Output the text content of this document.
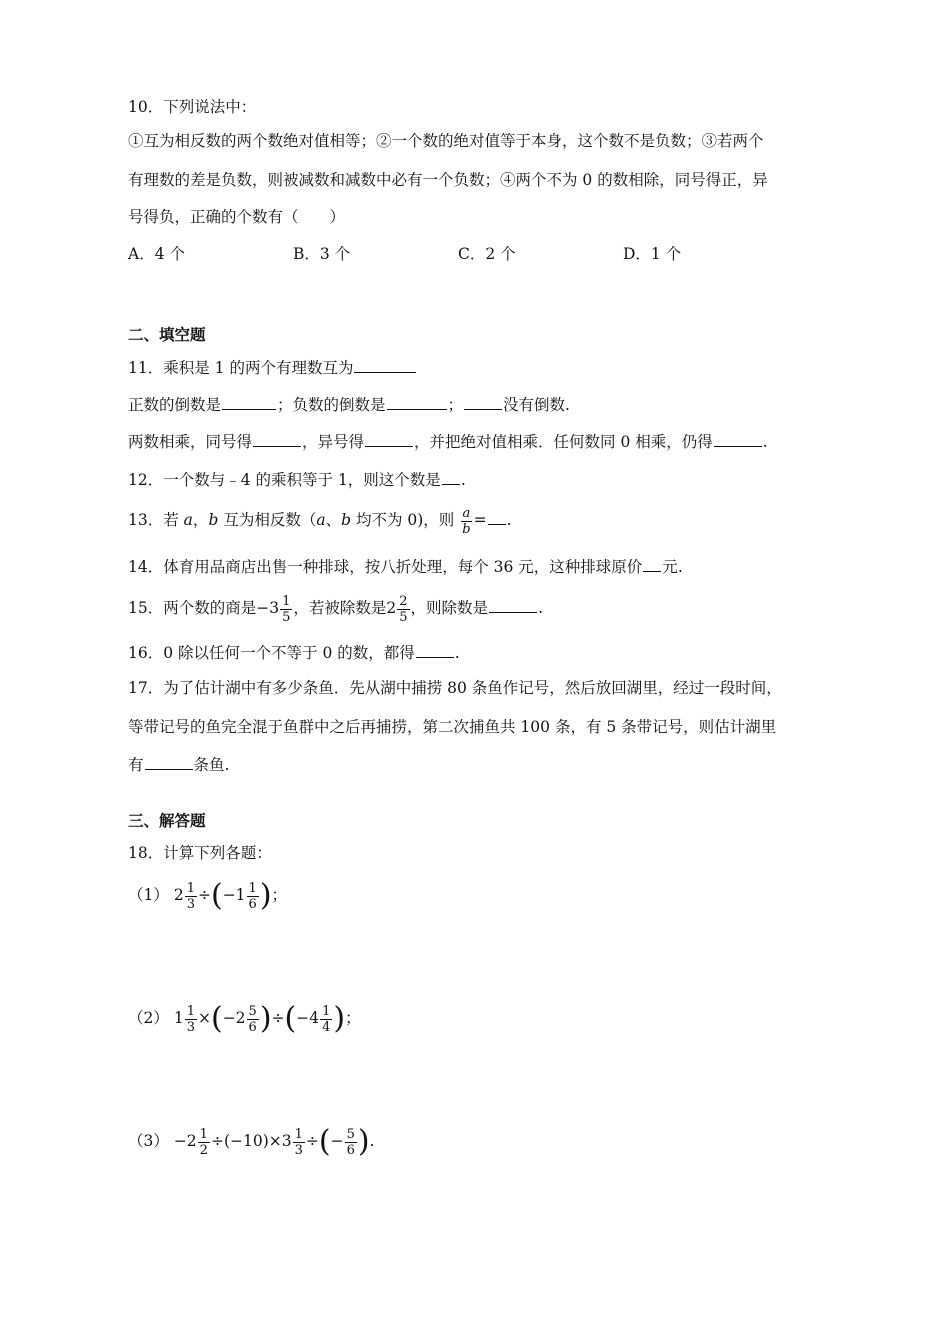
10．下列说法中：
①互为相反数的两个数绝对值相等；②一个数的绝对值等于本身，这个数不是负数；③若两个
有理数的差是负数，则被减数和减数中必有一个负数；④两个不为 0 的数相除，同号得正，异
号得负，正确的个数有（　　）
A．4 个	B．3 个	C．2 个	D．1 个
二、填空题
11．乘积是 1 的两个有理数互为
正数的倒数是	；负数的倒数是	；	没有倒数.
两数相乘，同号得	，异号得	，并把绝对值相乘．任何数同 0 相乘，仍得	.
12．一个数与﹣4 的乘积等于 1，则这个数是 .
13．若 a，b 互为相反数（a、b 均不为 0)，则 $\frac{a}{b}$ = .
14．体育用品商店出售一种排球，按八折处理，每个 36 元，这种排球原价 元.
15．两个数的商是$-3 \frac{1}{5}$ ，若被除数是$2 \frac{2}{5}$ ，则除数是	.
16．0 除以任何一个不等于 0 的数，都得	.
17．为了估计湖中有多少条鱼．先从湖中捕捞 80 条鱼作记号，然后放回湖里，经过一段时间，
等带记号的鱼完全混于鱼群中之后再捕捞，第二次捕鱼共 100 条，有 5 条带记号，则估计湖里
有	条鱼.
三、解答题
18．计算下列各题：
（1） $2 \frac{1}{3} \div(-1 \frac{1}{6}$ )；
（2） $1 \frac{1}{3} \times(-2 \frac{5}{6} )\div(-4 \frac{1}{4}$ )；
$(3) -2 \frac{1}{2} \div(-10)\times 3 \frac{1}{3}$ ÷(− $\frac{5}{6}$ ).
